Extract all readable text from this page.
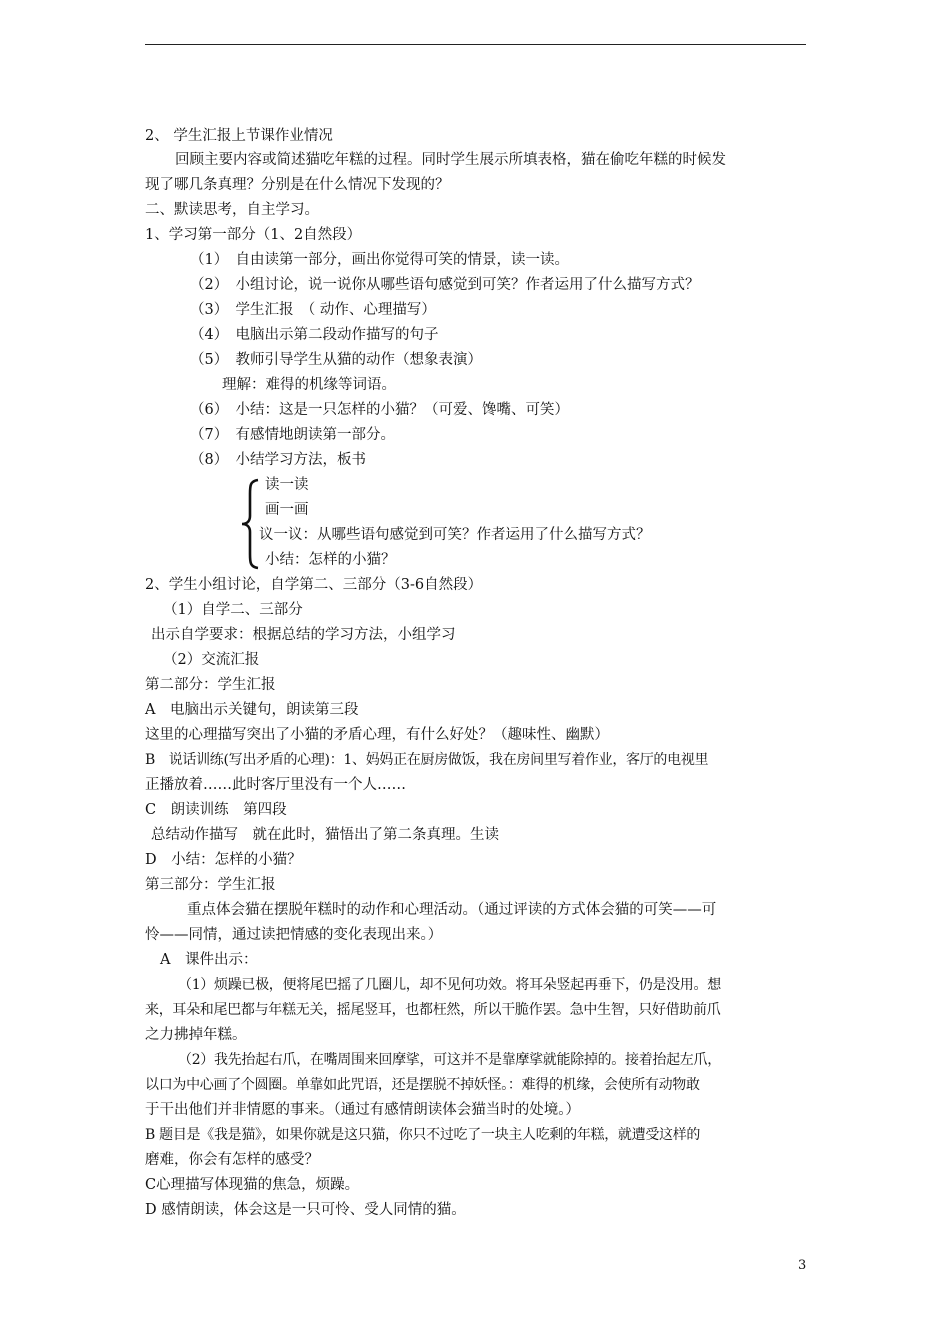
2、 学生汇报上节课作业情况
回顾主要内容或简述猫吃年糕的过程。同时学生展示所填表格，猫在偷吃年糕的时候发
现了哪几条真理？分别是在什么情况下发现的？
二、默读思考，自主学习。
1、学习第一部分（1、2自然段）
（1）　自由读第一部分，画出你觉得可笑的情景，读一读。
（2）　小组讨论，说一说你从哪些语句感觉到可笑？作者运用了什么描写方式？
（3）　学生汇报　（ 动作、心理描写）
（4）　电脑出示第二段动作描写的句子
（5）　教师引导学生从猫的动作（想象表演）
理解：难得的机缘等词语。
（6）　小结：这是一只怎样的小猫？（可爱、馋嘴、可笑）
（7）　有感情地朗读第一部分。
（8）　小结学习方法，板书
读一读
画一画
议一议：从哪些语句感觉到可笑？作者运用了什么描写方式？
小结：怎样的小猫？
2、学生小组讨论，自学第二、三部分（3-6自然段）
（1）自学二、三部分
出示自学要求：根据总结的学习方法，小组学习
（2）交流汇报
第二部分：学生汇报
A　电脑出示关键句，朗读第三段
这里的心理描写突出了小猫的矛盾心理，有什么好处？（趣味性、幽默）
B　说话训练(写出矛盾的心理)：1、妈妈正在厨房做饭，我在房间里写着作业，客厅的电视里
正播放着……此时客厅里没有一个人……
C　朗读训练　第四段
总结动作描写　就在此时，猫悟出了第二条真理。生读
D　小结：怎样的小猫？
第三部分：学生汇报
重点体会猫在摆脱年糕时的动作和心理活动。（通过评读的方式体会猫的可笑——可
怜——同情，通过读把情感的变化表现出来。）
A　课件出示：
（1）烦躁已极，便将尾巴摇了几圈儿，却不见何功效。将耳朵竖起再垂下，仍是没用。想
来，耳朵和尾巴都与年糕无关，摇尾竖耳，也都枉然，所以干脆作罢。急中生智，只好借助前爪
之力拂掉年糕。
（2）我先抬起右爪，在嘴周围来回摩挲，可这并不是靠摩挲就能除掉的。接着抬起左爪，
以口为中心画了个圆圈。单靠如此咒语，还是摆脱不掉妖怪。：难得的机缘，会使所有动物敢
于干出他们并非情愿的事来。（通过有感情朗读体会猫当时的处境。）
B 题目是《我是猫》，如果你就是这只猫，你只不过吃了一块主人吃剩的年糕，就遭受这样的
磨难，你会有怎样的感受？
C心理描写体现猫的焦急，烦躁。
D 感情朗读，体会这是一只可怜、受人同情的猫。
3
